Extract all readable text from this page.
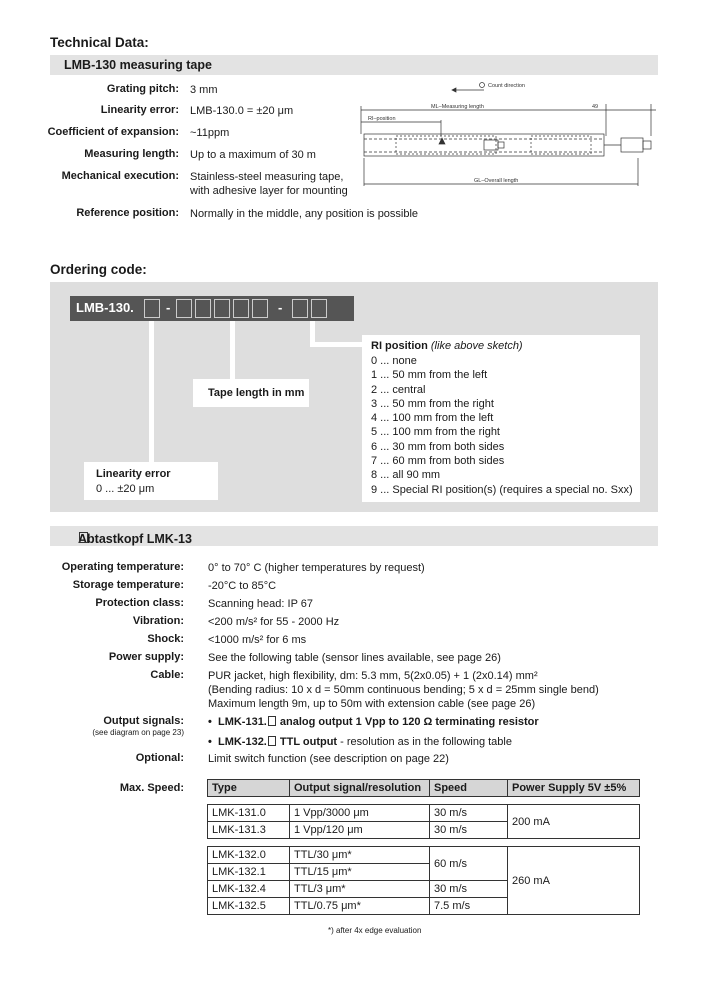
Technical Data:
LMB-130 measuring tape
Grating pitch: 3 mm
Linearity error: LMB-130.0 = ±20 μm
Coefficient of expansion: ~11ppm
Measuring length: Up to a maximum of 30 m
Mechanical execution: Stainless-steel measuring tape,
with adhesive layer for mounting
Reference position: Normally in the middle, any position is possible
Count direction
ML–Measuring length	49
RI–position
GL–Overall length
Ordering code:
LMB-130. -	-
Tape length in mm
Linearity error
0 ... ±20 μm
RI position (like above sketch)
0 ... none
1 ... 50 mm from the left
2 ... central
3 ... 50 mm from the right
4 ... 100 mm from the left
5 ... 100 mm from the right
6 ... 30 mm from both sides
7 ... 60 mm from both sides
8 ... all 90 mm
9 ... Special RI position(s) (requires a special no. Sxx)
Abtastkopf LMK-13
Operating temperature: 0° to 70° C (higher temperatures by request)
Storage temperature: -20°C to 85°C
Protection class: Scanning head: IP 67
Vibration: <200 m/s² for 55 - 2000 Hz
Shock: <1000 m/s² for 6 ms
Power supply: See the following table (sensor lines available, see page 26)
Cable: PUR jacket, high flexibility, dm: 5.3 mm, 5(2x0.05) + 1 (2x0.14) mm²
(Bending radius: 10 x d = 50mm continuous bending; 5 x d = 25mm single bend)
Maximum length 9m, up to 50m with extension cable (see page 26)
Output signals:
(see diagram on page 23)
•  LMK-131. analog output 1 Vpp to 120 Ω terminating resistor
•  LMK-132. TTL output - resolution as in the following table
Optional: Limit switch function (see description on page 22)
Max. Speed:	Type	Output signal/resolution	Speed	Power Supply 5V ±5%

LMK-131.0	1 Vpp/3000 μm	30 m/s	200 mA
LMK-131.3	1 Vpp/120 μm	30 m/s	

LMK-132.0	TTL/30 μm*	60 m/s	260 mA
LMK-132.1	TTL/15 μm*		
LMK-132.4	TTL/3 μm*	30 m/s	
LMK-132.5	TTL/0.75 μm*	7.5 m/s	
*) after 4x edge evaluation
